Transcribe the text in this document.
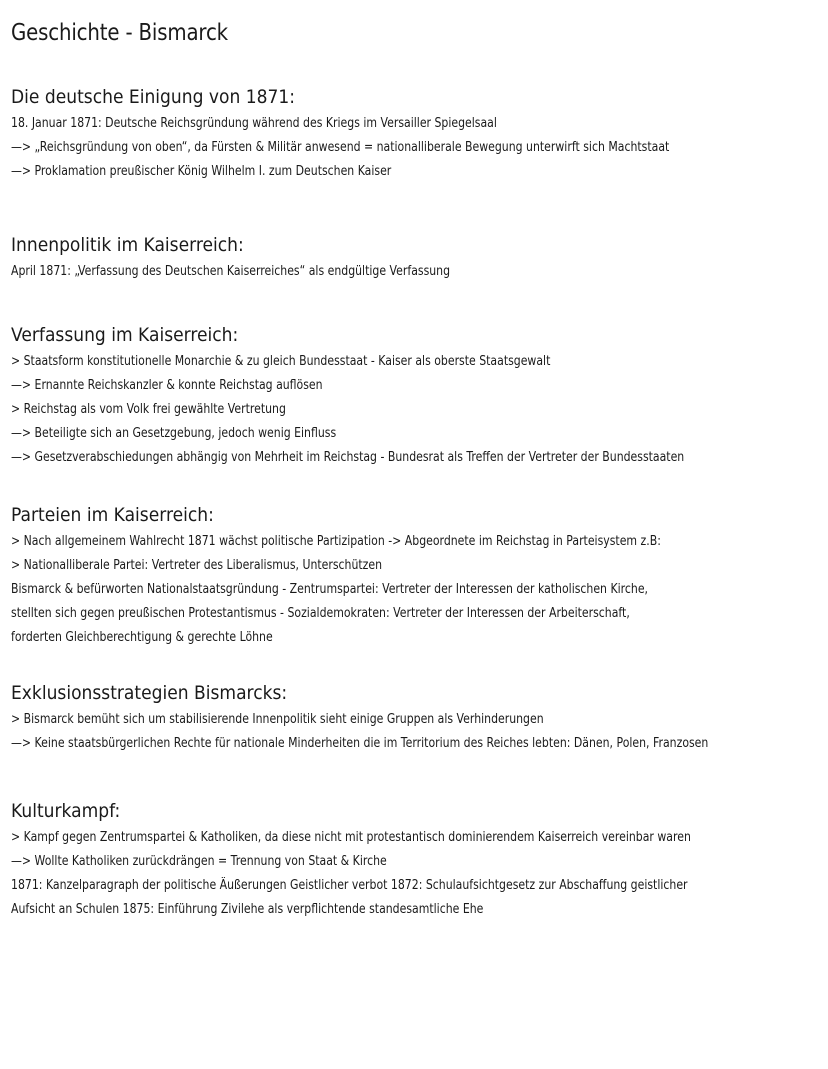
Geschichte - Bismarck
Die deutsche Einigung von 1871:
18. Januar 1871: Deutsche Reichsgründung während des Kriegs im Versailler Spiegelsaal
—> „Reichsgründung von oben“, da Fürsten & Militär anwesend = nationalliberale Bewegung unterwirft sich Machtstaat
—> Proklamation preußischer König Wilhelm I. zum Deutschen Kaiser
Innenpolitik im Kaiserreich:
April 1871: „Verfassung des Deutschen Kaiserreiches“ als endgültige Verfassung
Verfassung im Kaiserreich:
> Staatsform konstitutionelle Monarchie & zu gleich Bundesstaat - Kaiser als oberste Staatsgewalt
—> Ernannte Reichskanzler & konnte Reichstag auflösen
> Reichstag als vom Volk frei gewählte Vertretung
—> Beteiligte sich an Gesetzgebung, jedoch wenig Einfluss
—> Gesetzverabschiedungen abhängig von Mehrheit im Reichstag - Bundesrat als Treffen der Vertreter der Bundesstaaten
Parteien im Kaiserreich:
> Nach allgemeinem Wahlrecht 1871 wächst politische Partizipation -> Abgeordnete im Reichstag in Parteisystem z.B:
> Nationalliberale Partei: Vertreter des Liberalismus, Unterschützen
Bismarck & befürworten Nationalstaatsgründung - Zentrumspartei: Vertreter der Interessen der katholischen Kirche,
stellten sich gegen preußischen Protestantismus - Sozialdemokraten: Vertreter der Interessen der Arbeiterschaft,
forderten Gleichberechtigung & gerechte Löhne
Exklusionsstrategien Bismarcks:
> Bismarck bemüht sich um stabilisierende Innenpolitik sieht einige Gruppen als Verhinderungen
—> Keine staatsbürgerlichen Rechte für nationale Minderheiten die im Territorium des Reiches lebten: Dänen, Polen, Franzosen
Kulturkampf:
> Kampf gegen Zentrumspartei & Katholiken, da diese nicht mit protestantisch dominierendem Kaiserreich vereinbar waren
—> Wollte Katholiken zurückdrängen = Trennung von Staat & Kirche
1871: Kanzelparagraph der politische Äußerungen Geistlicher verbot 1872: Schulaufsichtgesetz zur Abschaffung geistlicher
Aufsicht an Schulen 1875: Einführung Zivilehe als verpflichtende standesamtliche Ehe
